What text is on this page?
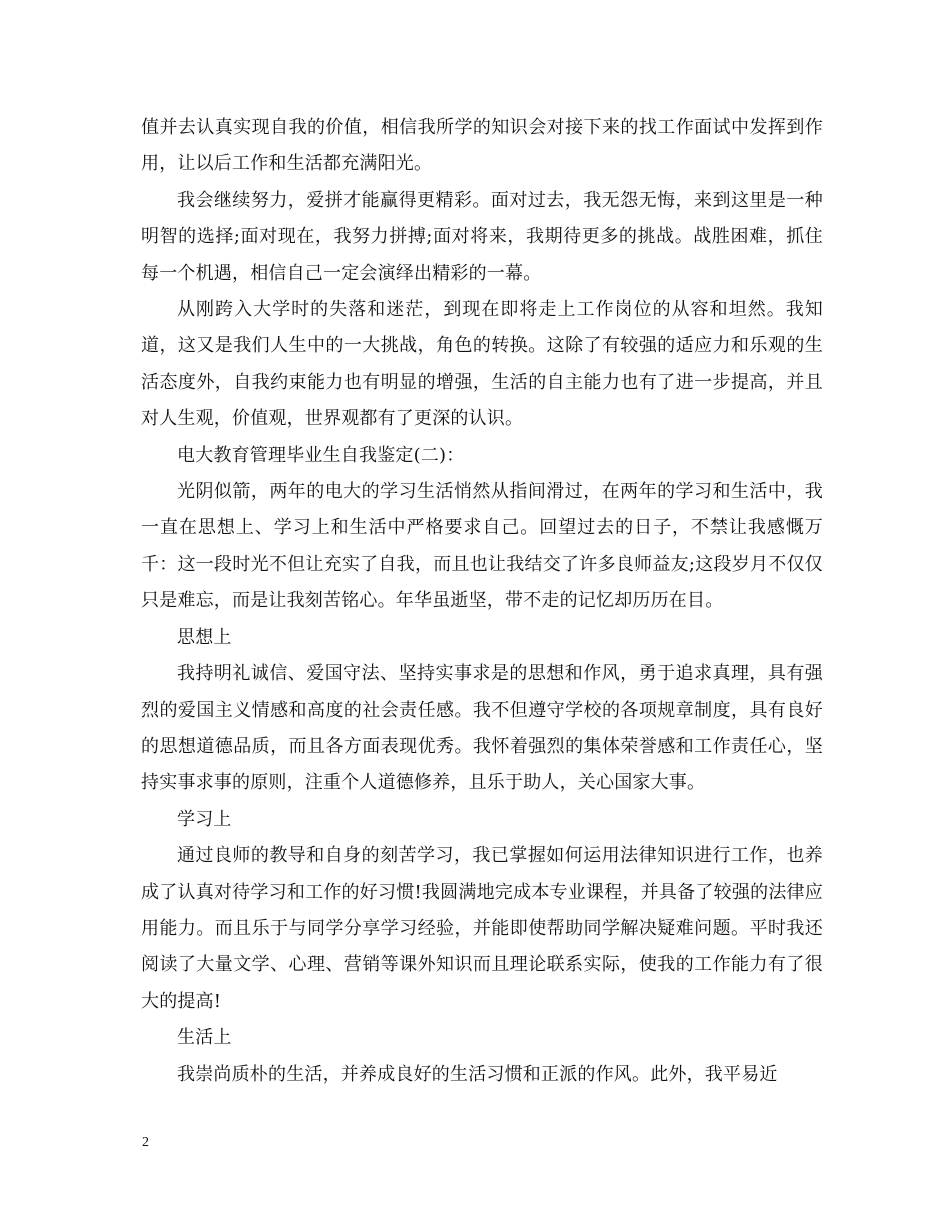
值并去认真实现自我的价值，相信我所学的知识会对接下来的找工作面试中发挥到作用，让以后工作和生活都充满阳光。

我会继续努力，爱拼才能赢得更精彩。面对过去，我无怨无悔，来到这里是一种明智的选择;面对现在，我努力拼搏;面对将来，我期待更多的挑战。战胜困难，抓住每一个机遇，相信自己一定会演绎出精彩的一幕。

从刚跨入大学时的失落和迷茫，到现在即将走上工作岗位的从容和坦然。我知道，这又是我们人生中的一大挑战，角色的转换。这除了有较强的适应力和乐观的生活态度外，自我约束能力也有明显的增强，生活的自主能力也有了进一步提高，并且对人生观，价值观，世界观都有了更深的认识。

电大教育管理毕业生自我鉴定(二)：

光阴似箭，两年的电大的学习生活悄然从指间滑过，在两年的学习和生活中，我一直在思想上、学习上和生活中严格要求自己。回望过去的日子，不禁让我感慨万千：这一段时光不但让充实了自我，而且也让我结交了许多良师益友;这段岁月不仅仅只是难忘，而是让我刻苦铭心。年华虽逝坚，带不走的记忆却历历在目。

思想上

我持明礼诚信、爱国守法、坚持实事求是的思想和作风，勇于追求真理，具有强烈的爱国主义情感和高度的社会责任感。我不但遵守学校的各项规章制度，具有良好的思想道德品质，而且各方面表现优秀。我怀着强烈的集体荣誉感和工作责任心，坚持实事求事的原则，注重个人道德修养，且乐于助人，关心国家大事。

学习上

通过良师的教导和自身的刻苦学习，我已掌握如何运用法律知识进行工作，也养成了认真对待学习和工作的好习惯!我圆满地完成本专业课程，并具备了较强的法律应用能力。而且乐于与同学分享学习经验，并能即使帮助同学解决疑难问题。平时我还阅读了大量文学、心理、营销等课外知识而且理论联系实际，使我的工作能力有了很大的提高!

生活上

我崇尚质朴的生活，并养成良好的生活习惯和正派的作风。此外，我平易近

2
